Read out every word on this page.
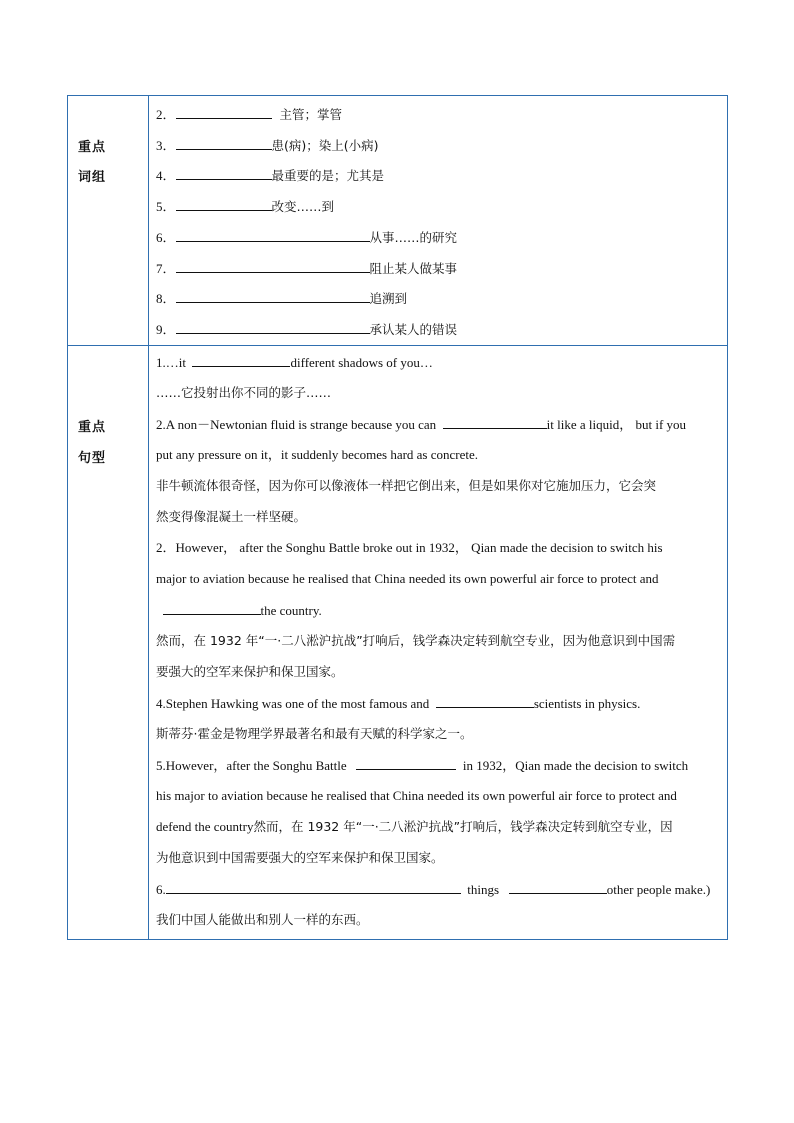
重点
词组
2．	主管；掌管
3．	患(病)；染上(小病)
4．	最重要的是；尤其是
5．	改变……到
6．	从事……的研究
7．	阻止某人做某事
8．	追溯到
9．	承认某人的错误
重点
句型
1.…it	different shadows of you…
……它投射出你不同的影子……
2.A non－Newtonian fluid is strange because you can	it like a liquid， but if you
put any pressure on it，it suddenly becomes hard as concrete.
非牛顿流体很奇怪，因为你可以像液体一样把它倒出来，但是如果你对它施加压力，它会突
然变得像混凝土一样坚硬。
2．However， after the Songhu Battle broke out in 1932， Qian made the decision to switch his
major to aviation because he realised that China needed its own powerful air force to protect and
the country.
然而，在 1932 年“一·二八淞沪抗战”打响后，钱学森决定转到航空专业，因为他意识到中国需
要强大的空军来保护和保卫国家。
4.Stephen Hawking was one of the most famous and	scientists in physics.
斯蒂芬·霍金是物理学界最著名和最有天赋的科学家之一。
5.However，after the Songhu Battle	in 1932，Qian made the decision to switch
his major to aviation because he realised that China needed its own powerful air force to protect and
defend the country然而，在 1932 年“一·二八淞沪抗战”打响后，钱学森决定转到航空专业，因
为他意识到中国需要强大的空军来保护和保卫国家。
6.	things	other people make.)
我们中国人能做出和别人一样的东西。
